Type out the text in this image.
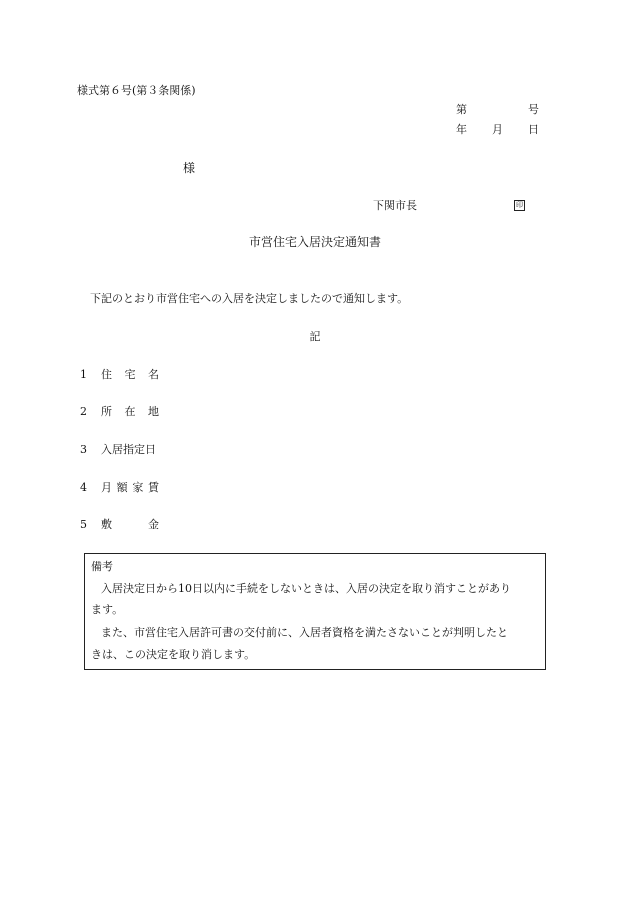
様式第６号(第３条関係)
第	号
年 月 日
様
下関市長	印
市営住宅入居決定通知書
下記のとおり市営住宅への入居を決定しましたので通知します。
記
1 住 宅 名
2 所 在 地
3 入居指定日
4 月 額 家 賃
5 敷	金
備考
入居決定日から10日以内に手続をしないときは、入居の決定を取り消すことがあり
ます。
また、市営住宅入居許可書の交付前に、入居者資格を満たさないことが判明したと
きは、この決定を取り消します。
